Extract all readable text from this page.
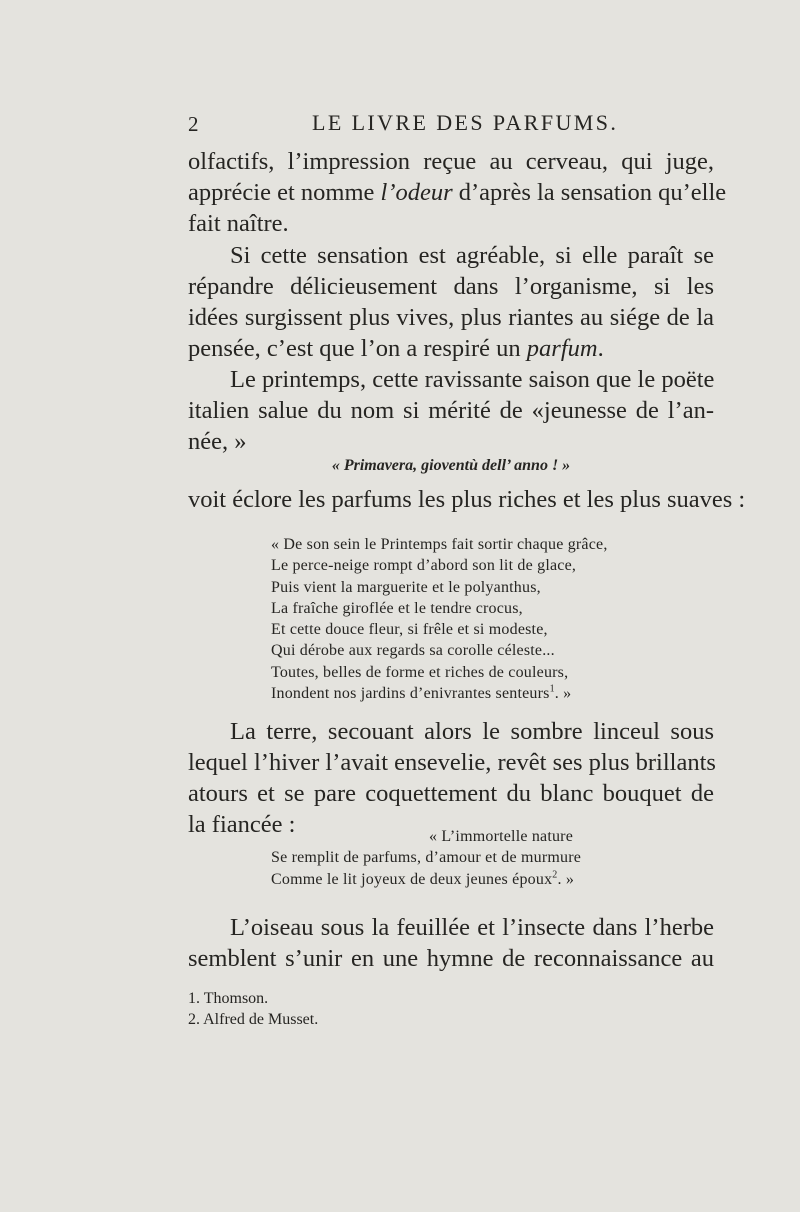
2	LE LIVRE DES PARFUMS.

olfactifs, l’impression reçue au cerveau, qui juge,
apprécie et nomme l’odeur d’après la sensation qu’elle
fait naître.

Si cette sensation est agréable, si elle paraît se
répandre délicieusement dans l’organisme, si les
idées surgissent plus vives, plus riantes au siége de la
pensée, c’est que l’on a respiré un parfum.

Le printemps, cette ravissante saison que le poëte
italien salue du nom si mérité de «jeunesse de l’an-
née, »

« Primavera, gioventù dell’ anno ! »

voit éclore les parfums les plus riches et les plus suaves :

« De son sein le Printemps fait sortir chaque grâce,
Le perce-neige rompt d’abord son lit de glace,
Puis vient la marguerite et le polyanthus,
La fraîche giroflée et le tendre crocus,
Et cette douce fleur, si frêle et si modeste,
Qui dérobe aux regards sa corolle céleste...
Toutes, belles de forme et riches de couleurs,
Inondent nos jardins d’enivrantes senteurs$^1$. »

La terre, secouant alors le sombre linceul sous
lequel l’hiver l’avait ensevelie, revêt ses plus brillants
atours et se pare coquettement du blanc bouquet de
la fiancée :	« L’immortelle nature
Se remplit de parfums, d’amour et de murmure
Comme le lit joyeux de deux jeunes époux$^2$. »

L’oiseau sous la feuillée et l’insecte dans l’herbe
semblent s’unir en une hymne de reconnaissance au

1. Thomson.
2. Alfred de Musset.
